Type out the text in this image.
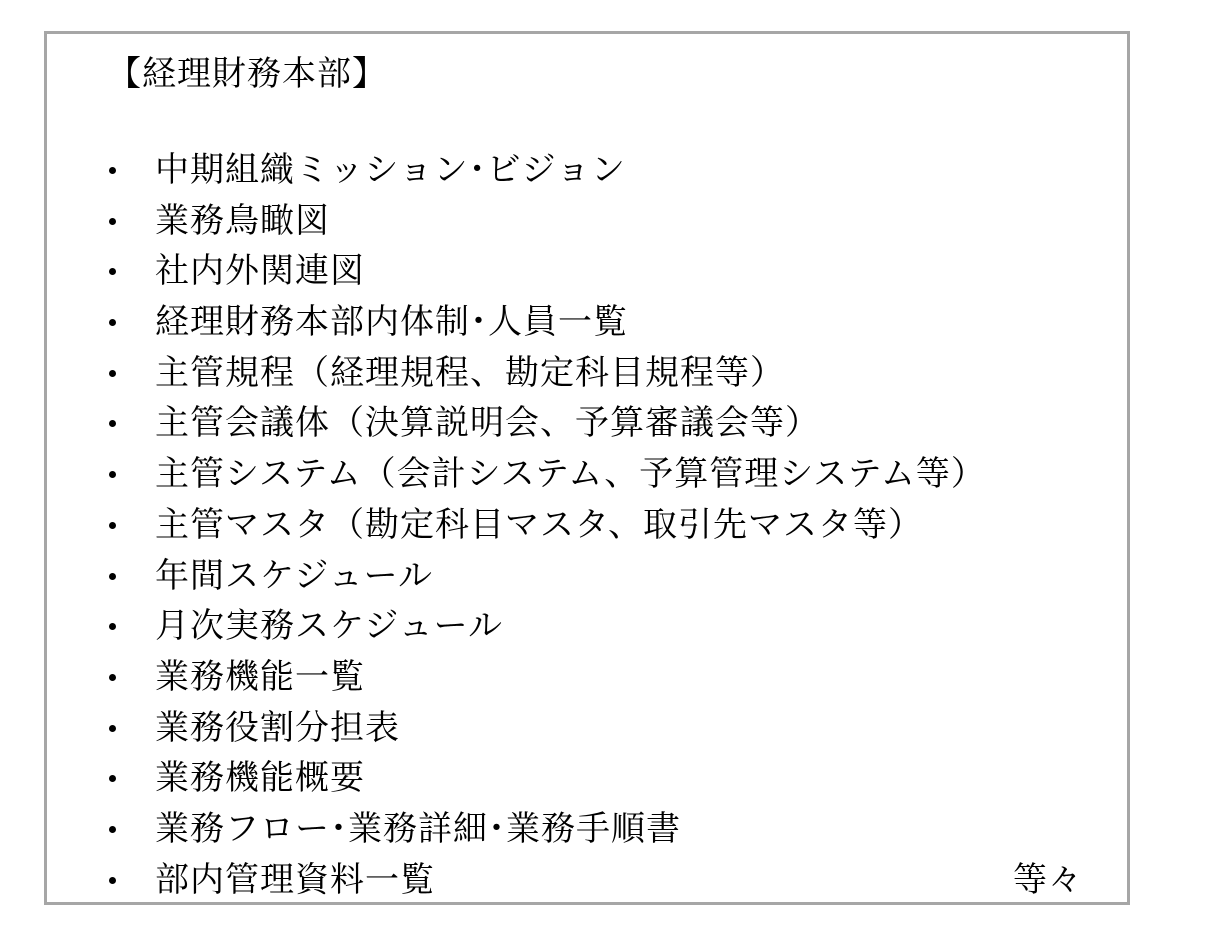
【経理財務本部】
中期組織ミッション･ビジョン
業務鳥瞰図
社内外関連図
経理財務本部内体制･人員一覧
主管規程（経理規程、勘定科目規程等）
主管会議体（決算説明会、予算審議会等）
主管システム（会計システム、予算管理システム等）
主管マスタ（勘定科目マスタ、取引先マスタ等）
年間スケジュール
月次実務スケジュール
業務機能一覧
業務役割分担表
業務機能概要
業務フロー･業務詳細･業務手順書
部内管理資料一覧	等々
